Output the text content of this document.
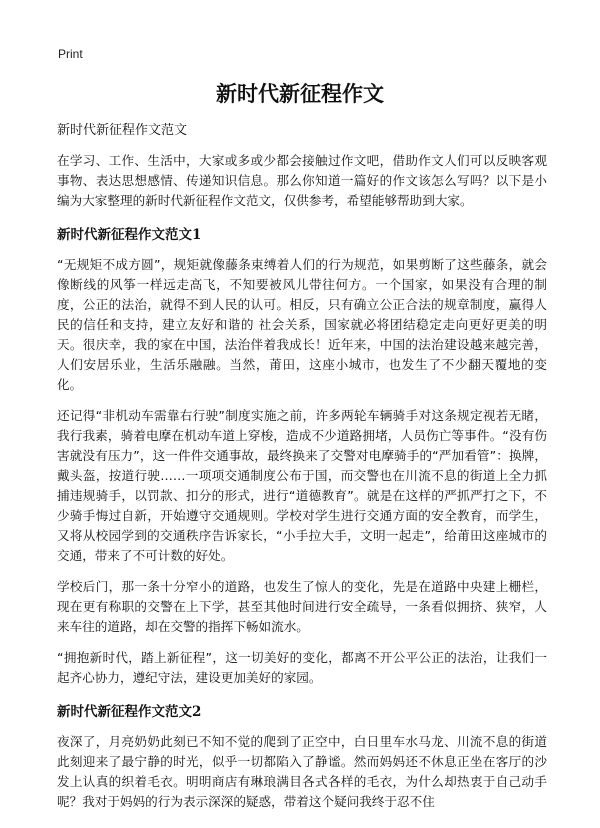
Print
新时代新征程作文

新时代新征程作文范文

在学习、工作、生活中，大家或多或少都会接触过作文吧，借助作文人们可以反映客观事物、表达思想感情、传递知识信息。那么你知道一篇好的作文该怎么写吗？以下是小编为大家整理的新时代新征程作文范文，仅供参考，希望能够帮助到大家。

新时代新征程作文范文1

“无规矩不成方圆”，规矩就像藤条束缚着人们的行为规范，如果剪断了这些藤条，就会像断线的风筝一样远走高飞，不知要被风儿带往何方。一个国家，如果没有合理的制度，公正的法治，就得不到人民的认可。相反，只有确立公正合法的规章制度，赢得人民的信任和支持，建立友好和谐的 社会关系，国家就必将团结稳定走向更好更美的明天。很庆幸，我的家在中国，法治伴着我成长！近年来，中国的法治建设越来越完善，人们安居乐业，生活乐融融。当然，莆田，这座小城市，也发生了不少翻天覆地的变化。

还记得“非机动车需靠右行驶”制度实施之前，许多两轮车辆骑手对这条规定视若无睹，我行我素，骑着电摩在机动车道上穿梭，造成不少道路拥堵，人员伤亡等事件。“没有伤害就没有压力”，这一件件交通事故，最终换来了交警对电摩骑手的“严加看管”：换牌，戴头盔，按道行驶……一项项交通制度公布于国，而交警也在川流不息的街道上全力抓捕违规骑手，以罚款、扣分的形式，进行“道德教育”。就是在这样的严抓严打之下，不少骑手悔过自新，开始遵守交通规则。学校对学生进行交通方面的安全教育，而学生，又将从校园学到的交通秩序告诉家长，“小手拉大手，文明一起走”，给莆田这座城市的交通，带来了不可计数的好处。

学校后门，那一条十分窄小的道路，也发生了惊人的变化，先是在道路中央建上栅栏，现在更有称职的交警在上下学，甚至其他时间进行安全疏导，一条看似拥挤、狭窄，人来车往的道路，却在交警的指挥下畅如流水。

“拥抱新时代，踏上新征程”，这一切美好的变化，都离不开公平公正的法治，让我们一起齐心协力，遵纪守法，建设更加美好的家园。

新时代新征程作文范文2

夜深了，月亮奶奶此刻已不知不觉的爬到了正空中，白日里车水马龙、川流不息的街道此刻迎来了最宁静的时光，似乎一切都陷入了静谧。然而妈妈还不休息正坐在客厅的沙发上认真的织着毛衣。明明商店有琳琅满目各式各样的毛衣，为什么却热衷于自己动手呢？我对于妈妈的行为表示深深的疑惑，带着这个疑问我终于忍不住
